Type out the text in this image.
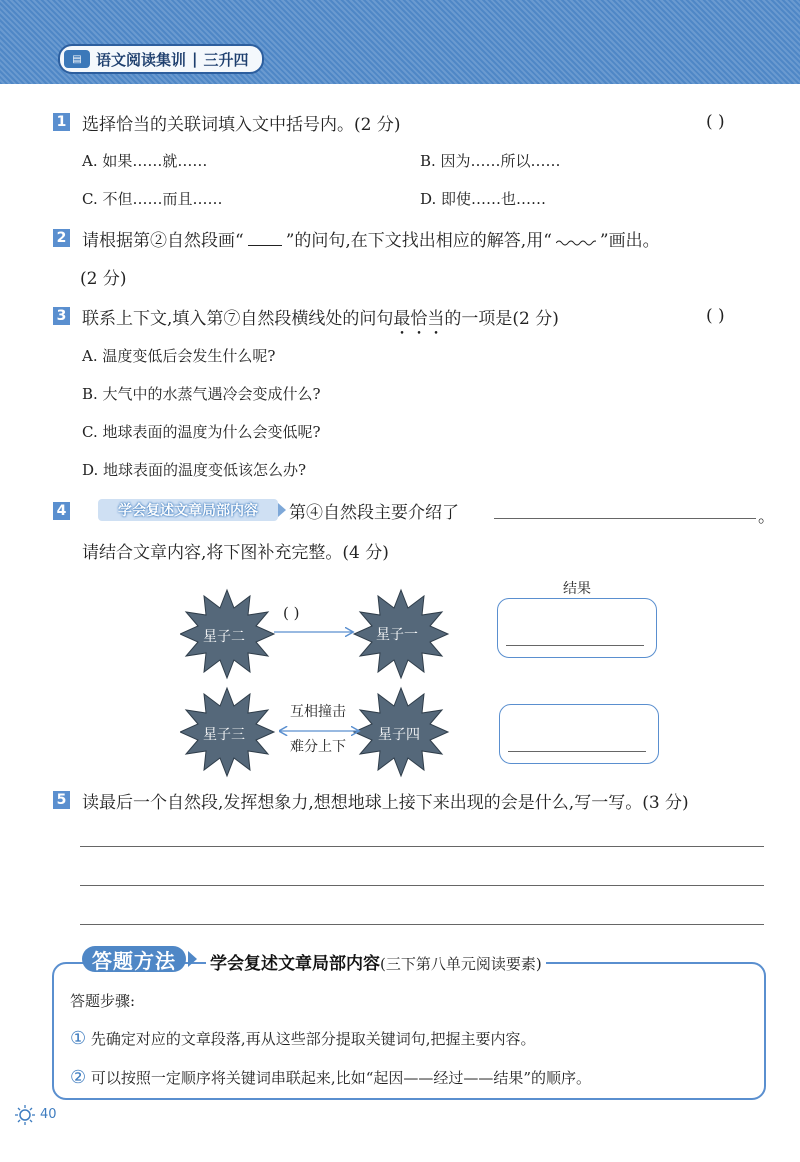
▤ 语文阅读集训 | 三升四
1 选择恰当的关联词填入文中括号内。(2 分)	( )
A. 如果……就……	B. 因为……所以……
C. 不但……而且……	D. 即使……也……
2 请根据第②自然段画“ ”的问句,在下文找出相应的解答,用“	”画出。
(2 分)
3 联系上下文,填入第⑦自然段横线处的问句最恰当的一项是(2 分)	( )
A. 温度变低后会发生什么呢?
B. 大气中的水蒸气遇冷会变成什么?
C. 地球表面的温度为什么会变低呢?
D. 地球表面的温度变低该怎么办?
4	学会复述文章局部内容	第④自然段主要介绍了	。
请结合文章内容,将下图补充完整。(4 分)
结果
星子二	星子一
星子三	星子四
( )
互相撞击
难分上下
5 读最后一个自然段,发挥想象力,想想地球上接下来出现的会是什么,写一写。(3 分)
答题方法	学会复述文章局部内容(三下第八单元阅读要素)
答题步骤:
① 先确定对应的文章段落,再从这些部分提取关键词句,把握主要内容。
② 可以按照一定顺序将关键词串联起来,比如“起因——经过——结果”的顺序。
40
